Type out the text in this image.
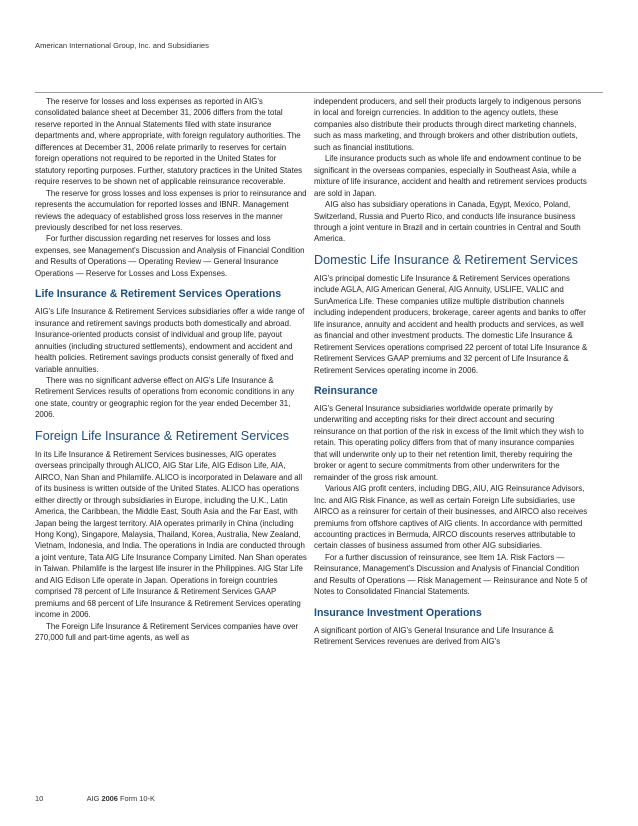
American International Group, Inc. and Subsidiaries

The reserve for losses and loss expenses as reported in AIG's consolidated balance sheet at December 31, 2006 differs from the total reserve reported in the Annual Statements filed with state insurance departments and, where appropriate, with foreign regulatory authorities. The differences at December 31, 2006 relate primarily to reserves for certain foreign operations not required to be reported in the United States for statutory reporting purposes. Further, statutory practices in the United States require reserves to be shown net of applicable reinsurance recoverable.

The reserve for gross losses and loss expenses is prior to reinsurance and represents the accumulation for reported losses and IBNR. Management reviews the adequacy of established gross loss reserves in the manner previously described for net loss reserves.

For further discussion regarding net reserves for losses and loss expenses, see Management's Discussion and Analysis of Financial Condition and Results of Operations — Operating Review — General Insurance Operations — Reserve for Losses and Loss Expenses.

Life Insurance & Retirement Services Operations

AIG's Life Insurance & Retirement Services subsidiaries offer a wide range of insurance and retirement savings products both domestically and abroad. Insurance-oriented products consist of individual and group life, payout annuities (including structured settlements), endowment and accident and health policies. Retirement savings products consist generally of fixed and variable annuities.

There was no significant adverse effect on AIG's Life Insurance & Retirement Services results of operations from economic conditions in any one state, country or geographic region for the year ended December 31, 2006.

Foreign Life Insurance & Retirement Services

In its Life Insurance & Retirement Services businesses, AIG operates overseas principally through ALICO, AIG Star Life, AIG Edison Life, AIA, AIRCO, Nan Shan and Philamlife. ALICO is incorporated in Delaware and all of its business is written outside of the United States. ALICO has operations either directly or through subsidiaries in Europe, including the U.K., Latin America, the Caribbean, the Middle East, South Asia and the Far East, with Japan being the largest territory. AIA operates primarily in China (including Hong Kong), Singapore, Malaysia, Thailand, Korea, Australia, New Zealand, Vietnam, Indonesia, and India. The operations in India are conducted through a joint venture, Tata AIG Life Insurance Company Limited. Nan Shan operates in Taiwan. Philamlife is the largest life insurer in the Philippines. AIG Star Life and AIG Edison Life operate in Japan. Operations in foreign countries comprised 78 percent of Life Insurance & Retirement Services GAAP premiums and 68 percent of Life Insurance & Retirement Services operating income in 2006.

The Foreign Life Insurance & Retirement Services companies have over 270,000 full and part-time agents, as well as

independent producers, and sell their products largely to indigenous persons in local and foreign currencies. In addition to the agency outlets, these companies also distribute their products through direct marketing channels, such as mass marketing, and through brokers and other distribution outlets, such as financial institutions.

Life insurance products such as whole life and endowment continue to be significant in the overseas companies, especially in Southeast Asia, while a mixture of life insurance, accident and health and retirement services products are sold in Japan.

AIG also has subsidiary operations in Canada, Egypt, Mexico, Poland, Switzerland, Russia and Puerto Rico, and conducts life insurance business through a joint venture in Brazil and in certain countries in Central and South America.

Domestic Life Insurance & Retirement Services

AIG's principal domestic Life Insurance & Retirement Services operations include AGLA, AIG American General, AIG Annuity, USLIFE, VALIC and SunAmerica Life. These companies utilize multiple distribution channels including independent producers, brokerage, career agents and banks to offer life insurance, annuity and accident and health products and services, as well as financial and other investment products. The domestic Life Insurance & Retirement Services operations comprised 22 percent of total Life Insurance & Retirement Services GAAP premiums and 32 percent of Life Insurance & Retirement Services operating income in 2006.

Reinsurance

AIG's General Insurance subsidiaries worldwide operate primarily by underwriting and accepting risks for their direct account and securing reinsurance on that portion of the risk in excess of the limit which they wish to retain. This operating policy differs from that of many insurance companies that will underwrite only up to their net retention limit, thereby requiring the broker or agent to secure commitments from other underwriters for the remainder of the gross risk amount.

Various AIG profit centers, including DBG, AIU, AIG Reinsurance Advisors, Inc. and AIG Risk Finance, as well as certain Foreign Life subsidiaries, use AIRCO as a reinsurer for certain of their businesses, and AIRCO also receives premiums from offshore captives of AIG clients. In accordance with permitted accounting practices in Bermuda, AIRCO discounts reserves attributable to certain classes of business assumed from other AIG subsidiaries.

For a further discussion of reinsurance, see Item 1A. Risk Factors — Reinsurance, Management's Discussion and Analysis of Financial Condition and Results of Operations — Risk Management — Reinsurance and Note 5 of Notes to Consolidated Financial Statements.

Insurance Investment Operations

A significant portion of AIG's General Insurance and Life Insurance & Retirement Services revenues are derived from AIG's

10	AIG 2006 Form 10-K
